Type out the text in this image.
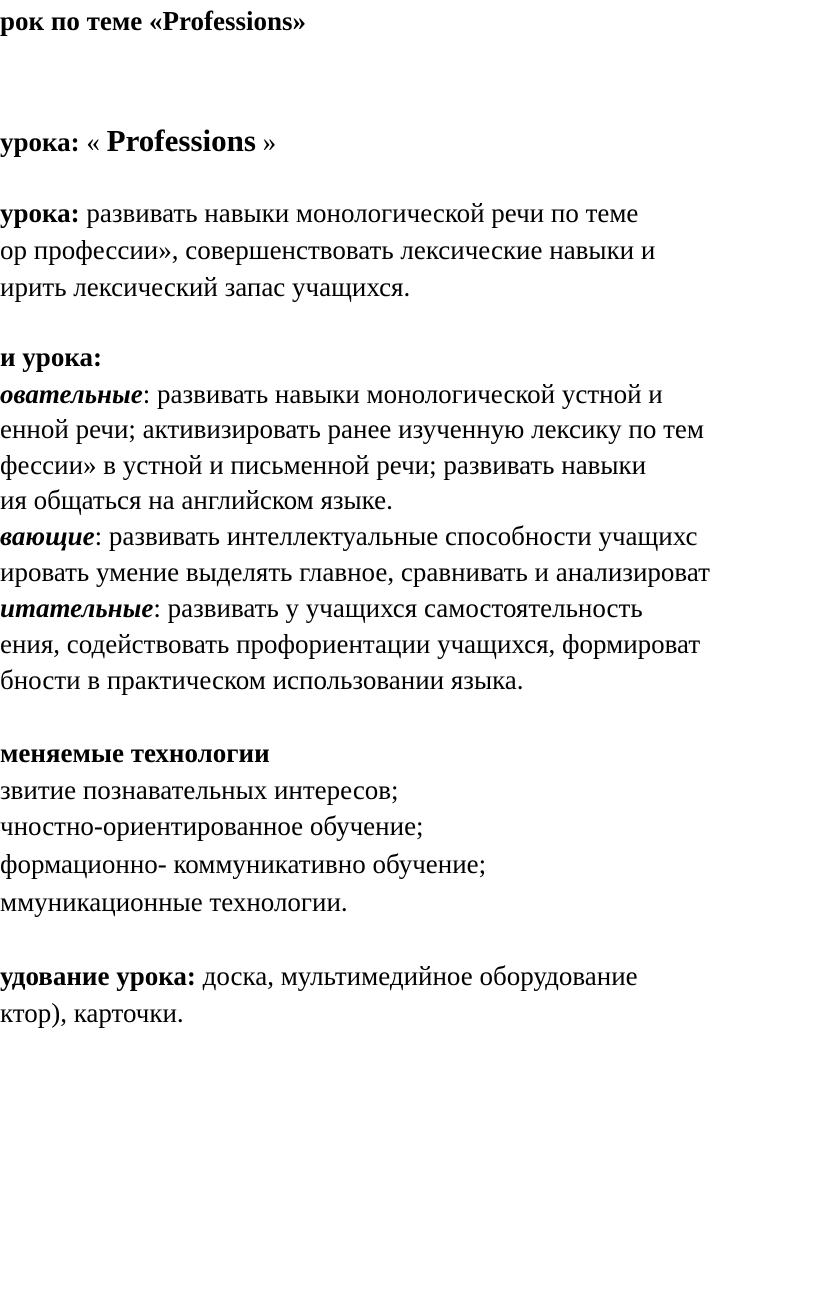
рок по теме «Professions»
урока: « Professions »
урока: развивать навыки монологической речи по теме
ор профессии», совершенствовать лексические навыки и
ирить лексический запас учащихся.
и урока:
овательные: развивать навыки монологической устной и
енной речи; активизировать ранее изученную лексику по тем
фессии» в устной и письменной речи; развивать навыки
ия общаться на английском языке.
вающие: развивать интеллектуальные способности учащихс
ировать умение выделять главное, сравнивать и анализироват
итательные: развивать у учащихся самостоятельность
ения, содействовать профориентации учащихся, формироват
бности в практическом использовании языка.
меняемые технологии
звитие познавательных интересов;
чностно-ориентированное обучение;
формационно- коммуникативно обучение;
ммуникационные технологии.
удование урока: доска, мультимедийное оборудование
ктор), карточки.
